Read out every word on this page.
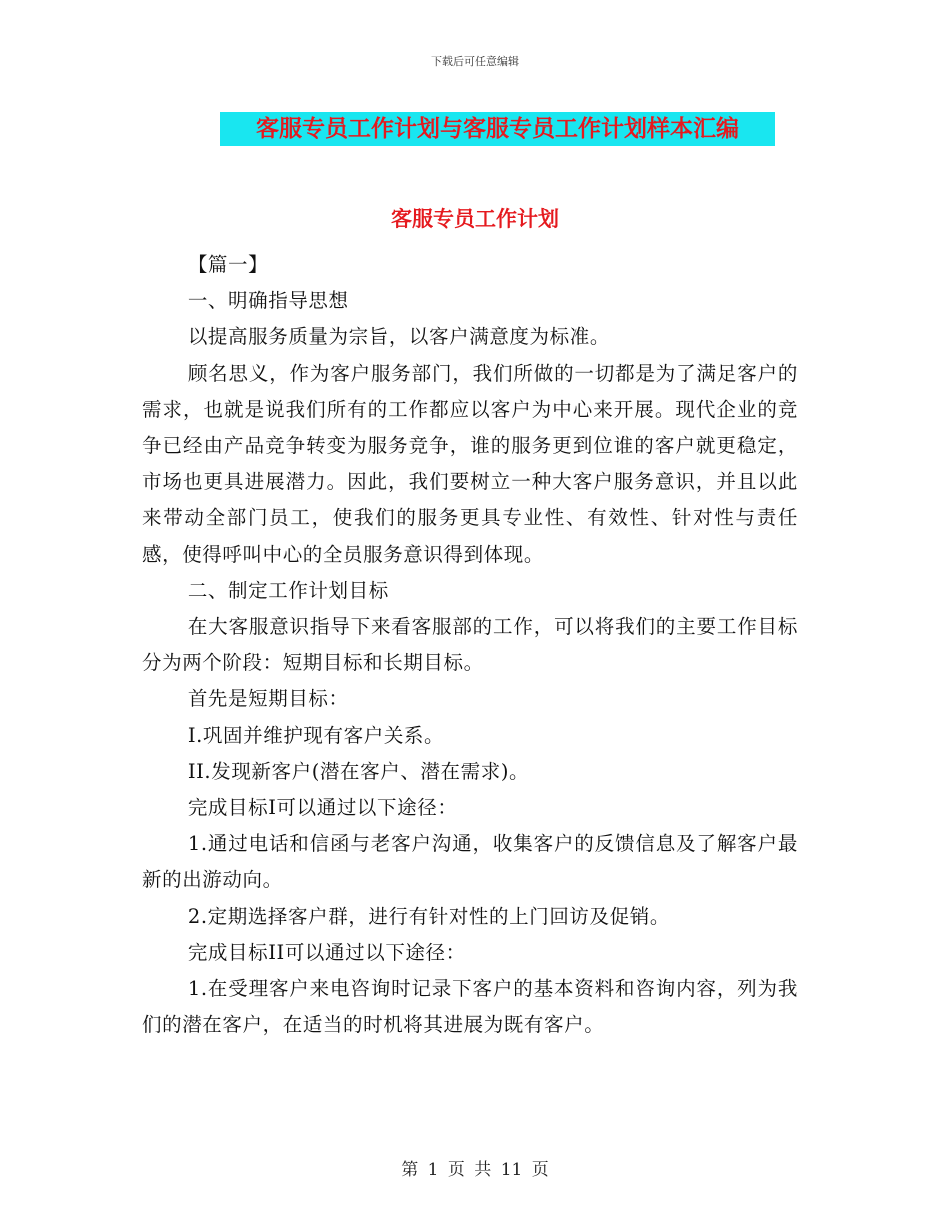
下载后可任意编辑
客服专员工作计划与客服专员工作计划样本汇编
客服专员工作计划

【篇一】

一、明确指导思想

以提高服务质量为宗旨，以客户满意度为标准。

顾名思义，作为客户服务部门，我们所做的一切都是为了满足客户的需求，也就是说我们所有的工作都应以客户为中心来开展。现代企业的竞争已经由产品竞争转变为服务竞争，谁的服务更到位谁的客户就更稳定，市场也更具进展潜力。因此，我们要树立一种大客户服务意识，并且以此来带动全部门员工，使我们的服务更具专业性、有效性、针对性与责任感，使得呼叫中心的全员服务意识得到体现。

二、制定工作计划目标

在大客服意识指导下来看客服部的工作，可以将我们的主要工作目标分为两个阶段：短期目标和长期目标。

首先是短期目标：

I.巩固并维护现有客户关系。

II.发现新客户(潜在客户、潜在需求)。

完成目标I可以通过以下途径：

1.通过电话和信函与老客户沟通，收集客户的反馈信息及了解客户最新的出游动向。

2.定期选择客户群，进行有针对性的上门回访及促销。

完成目标II可以通过以下途径：

1.在受理客户来电咨询时记录下客户的基本资料和咨询内容，列为我们的潜在客户，在适当的时机将其进展为既有客户。

第 1 页 共 11 页
